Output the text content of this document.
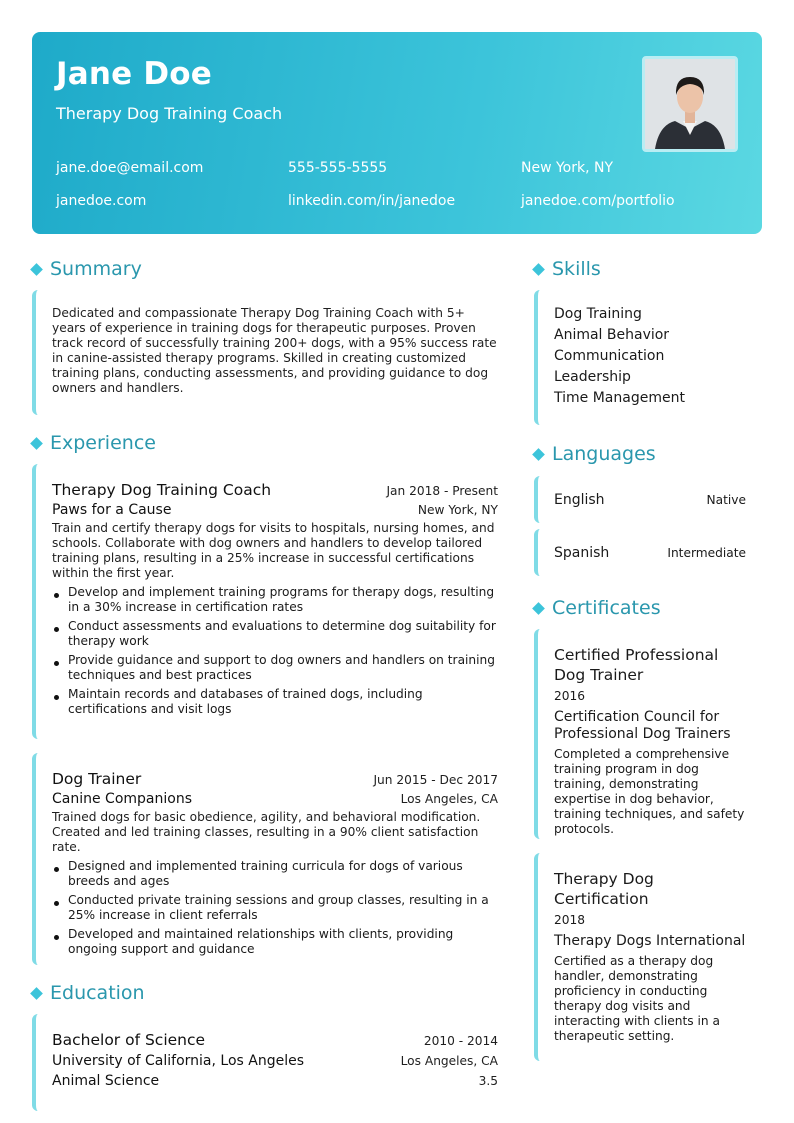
Jane Doe
Therapy Dog Training Coach
jane.doe@email.com	555-555-5555	New York, NY
janedoe.com	linkedin.com/in/janedoe	janedoe.com/portfolio
Summary
Dedicated and compassionate Therapy Dog Training Coach with 5+ years of experience in training dogs for therapeutic purposes. Proven track record of successfully training 200+ dogs, with a 95% success rate in canine-assisted therapy programs. Skilled in creating customized training plans, conducting assessments, and providing guidance to dog owners and handlers.
Experience
Therapy Dog Training Coach	Jan 2018 - Present
Paws for a Cause	New York, NY
Train and certify therapy dogs for visits to hospitals, nursing homes, and schools. Collaborate with dog owners and handlers to develop tailored training plans, resulting in a 25% increase in successful certifications within the first year.
Develop and implement training programs for therapy dogs, resulting in a 30% increase in certification rates
Conduct assessments and evaluations to determine dog suitability for therapy work
Provide guidance and support to dog owners and handlers on training techniques and best practices
Maintain records and databases of trained dogs, including certifications and visit logs
Dog Trainer	Jun 2015 - Dec 2017
Canine Companions	Los Angeles, CA
Trained dogs for basic obedience, agility, and behavioral modification. Created and led training classes, resulting in a 90% client satisfaction rate.
Designed and implemented training curricula for dogs of various breeds and ages
Conducted private training sessions and group classes, resulting in a 25% increase in client referrals
Developed and maintained relationships with clients, providing ongoing support and guidance
Education
Bachelor of Science	2010 - 2014
University of California, Los Angeles	Los Angeles, CA
Animal Science	3.5
Skills
Dog Training
Animal Behavior
Communication
Leadership
Time Management
Languages
English	Native
Spanish	Intermediate
Certificates
Certified Professional Dog Trainer
2016
Certification Council for Professional Dog Trainers
Completed a comprehensive training program in dog training, demonstrating expertise in dog behavior, training techniques, and safety protocols.
Therapy Dog Certification
2018
Therapy Dogs International
Certified as a therapy dog handler, demonstrating proficiency in conducting therapy dog visits and interacting with clients in a therapeutic setting.
